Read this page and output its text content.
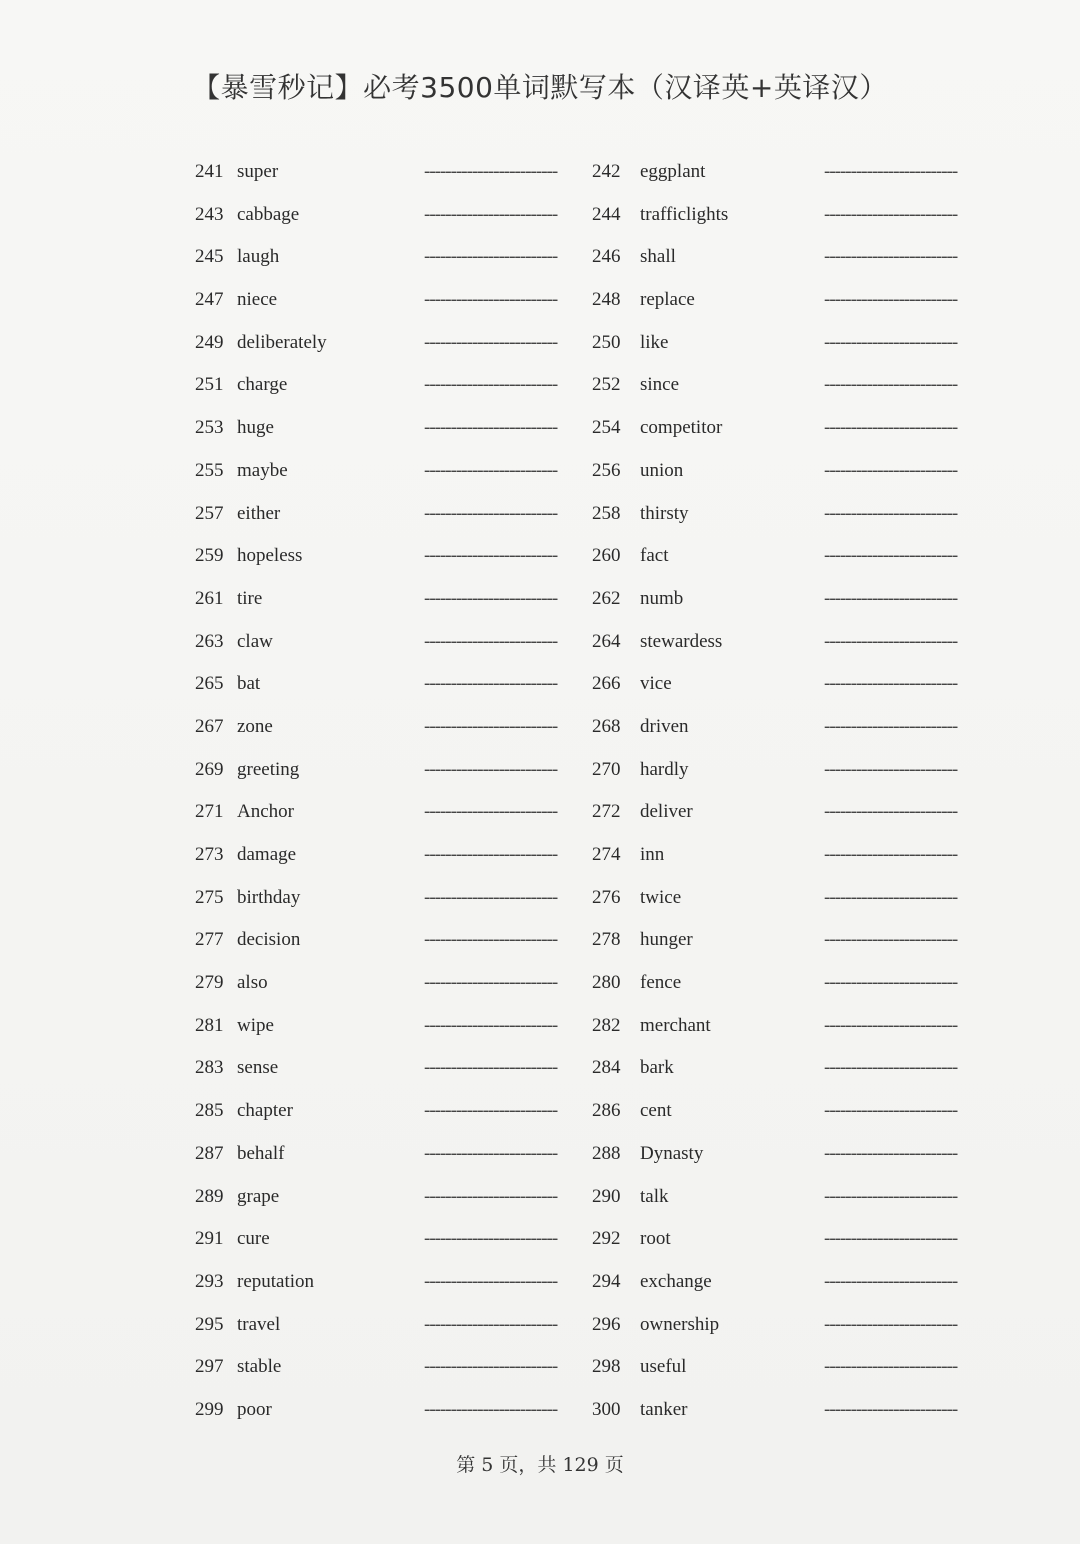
【暴雪秒记】必考3500单词默写本（汉译英+英译汉）
241 super	------------------------- 242 eggplant	-------------------------
243 cabbage	------------------------- 244 trafficlights	-------------------------
245 laugh	------------------------- 246 shall	-------------------------
247 niece	------------------------- 248 replace	-------------------------
249 deliberately	------------------------- 250 like	-------------------------
251 charge	------------------------- 252 since	-------------------------
253 huge	------------------------- 254 competitor	-------------------------
255 maybe	------------------------- 256 union	-------------------------
257 either	------------------------- 258 thirsty	-------------------------
259 hopeless	------------------------- 260 fact	-------------------------
261 tire	------------------------- 262 numb	-------------------------
263 claw	------------------------- 264 stewardess	-------------------------
265 bat	------------------------- 266 vice	-------------------------
267 zone	------------------------- 268 driven	-------------------------
269 greeting	------------------------- 270 hardly	-------------------------
271 Anchor	------------------------- 272 deliver	-------------------------
273 damage	------------------------- 274 inn	-------------------------
275 birthday	------------------------- 276 twice	-------------------------
277 decision	------------------------- 278 hunger	-------------------------
279 also	------------------------- 280 fence	-------------------------
281 wipe	------------------------- 282 merchant	-------------------------
283 sense	------------------------- 284 bark	-------------------------
285 chapter	------------------------- 286 cent	-------------------------
287 behalf	------------------------- 288 Dynasty	-------------------------
289 grape	------------------------- 290 talk	-------------------------
291 cure	------------------------- 292 root	-------------------------
293 reputation	------------------------- 294 exchange	-------------------------
295 travel	------------------------- 296 ownership	-------------------------
297 stable	------------------------- 298 useful	-------------------------
299 poor	------------------------- 300 tanker	-------------------------
第 5 页，共 129 页
